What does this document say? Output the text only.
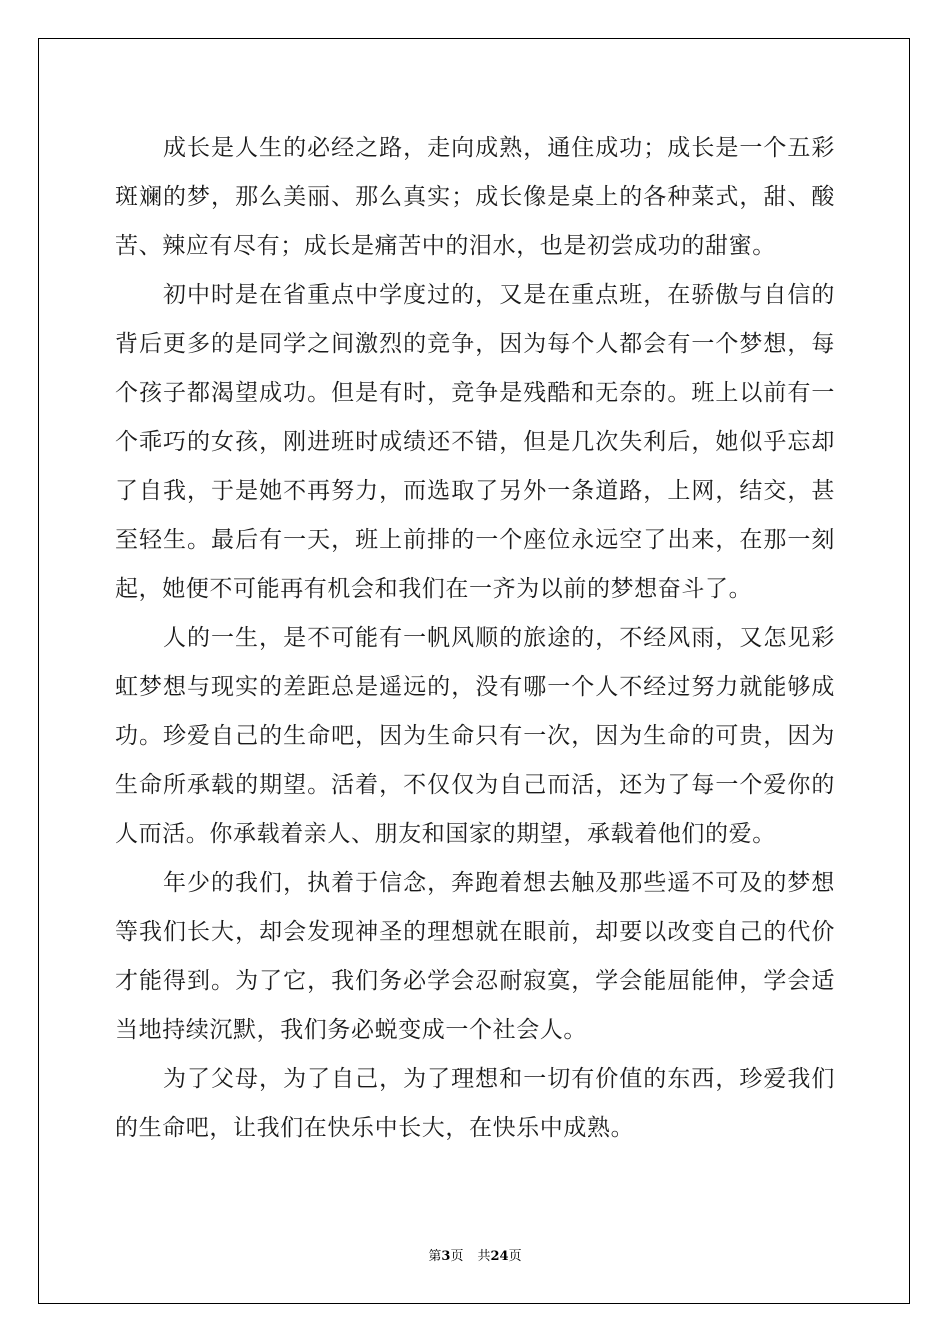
成长是人生的必经之路，走向成熟，通住成功；成长是一个五彩斑斓的梦，那么美丽、那么真实；成长像是桌上的各种菜式，甜、酸苦、辣应有尽有；成长是痛苦中的泪水，也是初尝成功的甜蜜。

初中时是在省重点中学度过的，又是在重点班，在骄傲与自信的背后更多的是同学之间激烈的竞争，因为每个人都会有一个梦想，每个孩子都渴望成功。但是有时，竞争是残酷和无奈的。班上以前有一个乖巧的女孩，刚进班时成绩还不错，但是几次失利后，她似乎忘却了自我，于是她不再努力，而选取了另外一条道路，上网，结交，甚至轻生。最后有一天，班上前排的一个座位永远空了出来，在那一刻起，她便不可能再有机会和我们在一齐为以前的梦想奋斗了。

人的一生，是不可能有一帆风顺的旅途的，不经风雨，又怎见彩虹梦想与现实的差距总是遥远的，没有哪一个人不经过努力就能够成功。珍爱自己的生命吧，因为生命只有一次，因为生命的可贵，因为生命所承载的期望。活着，不仅仅为自己而活，还为了每一个爱你的人而活。你承载着亲人、朋友和国家的期望，承载着他们的爱。

年少的我们，执着于信念，奔跑着想去触及那些遥不可及的梦想等我们长大，却会发现神圣的理想就在眼前，却要以改变自己的代价才能得到。为了它，我们务必学会忍耐寂寞，学会能屈能伸，学会适当地持续沉默，我们务必蜕变成一个社会人。

为了父母，为了自己，为了理想和一切有价值的东西，珍爱我们的生命吧，让我们在快乐中长大，在快乐中成熟。

第3页 共24页
